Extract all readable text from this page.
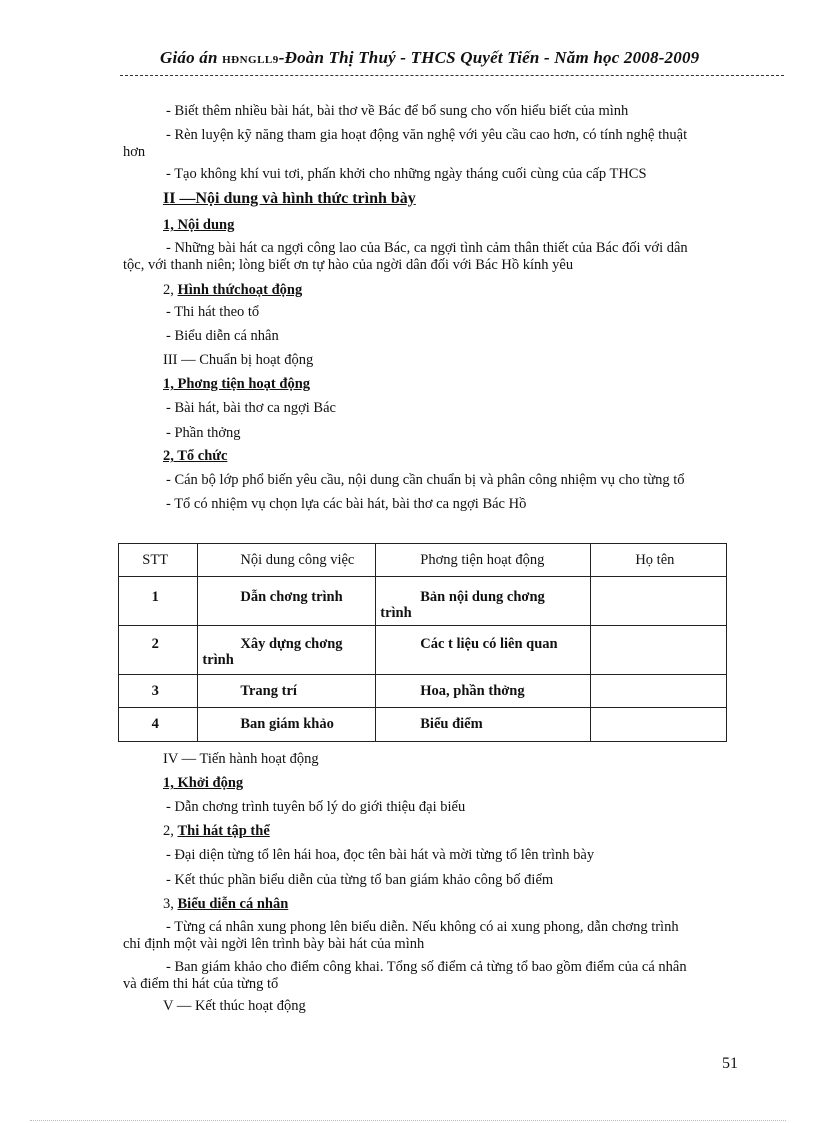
Giáo án HĐNGLL9-Đoàn Thị Thuý - THCS Quyết Tiến - Năm học 2008-2009
- Biết thêm nhiều bài hát, bài thơ về Bác để bổ sung cho vốn hiểu biết của mình
- Rèn luyện kỹ năng tham gia hoạt động văn nghệ với yêu cầu cao hơn, có tính nghệ thuật
hơn
- Tạo không khí vui tơi, phấn khởi cho những ngày tháng cuối cùng của cấp THCS
II —Nội dung và hình thức trình bày
1, Nội dung
- Những bài hát ca ngợi công lao của Bác, ca ngợi tình cảm thân thiết của Bác đối với dân
tộc, với thanh niên; lòng biết ơn tự hào của ngời dân đối với Bác Hồ kính yêu
2, Hình thứchoạt động
- Thi hát theo tổ
- Biểu diễn cá nhân
III — Chuẩn bị hoạt động
1, Phơng tiện hoạt động
- Bài hát, bài thơ ca ngợi Bác
- Phần thởng
2, Tổ chức
- Cán bộ lớp phổ biến yêu cầu, nội dung cần chuẩn bị và phân công nhiệm vụ cho từng tổ
- Tổ có nhiệm vụ chọn lựa các bài hát, bài thơ ca ngợi Bác Hồ
STT	Nội dung công việc	Phơng tiện hoạt động	Họ tên

1	Dẫn chơng trình	Bản nội dung chơng
trình	

2	Xây dựng chơng
trình	Các t liệu có liên quan	

3	Trang trí	Hoa, phần thởng	

4	Ban giám khảo	Biểu điểm	

IV — Tiến hành hoạt động
1, Khởi động
- Dẫn chơng trình tuyên bố lý do giới thiệu đại biểu
2, Thi hát tập thể
- Đại diện từng tổ lên hái hoa, đọc tên bài hát và mời từng tổ lên trình bày
- Kết thúc phần biểu diễn của từng tổ ban giám khảo công bố điểm
3, Biểu diễn cá nhân
- Từng cá nhân xung phong lên biểu diễn. Nếu không có ai xung phong, dẫn chơng trình
chỉ định một vài ngời lên trình bày bài hát của mình
- Ban giám khảo cho điểm công khai. Tổng số điểm cả từng tổ bao gồm điểm của cá nhân
và điểm thi hát của từng tổ
V — Kết thúc hoạt động
51
